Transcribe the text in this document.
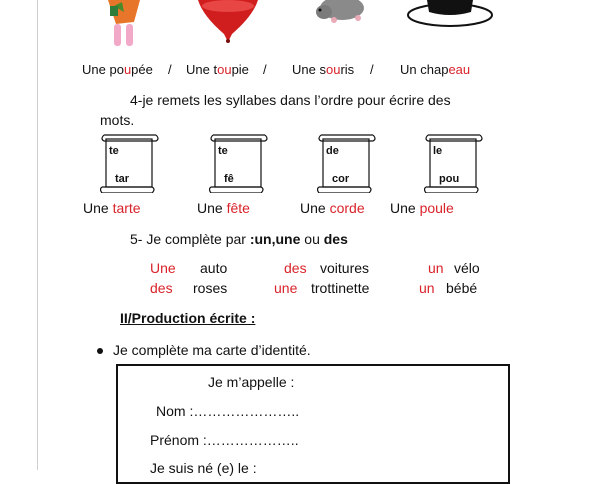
Une poupée / Une toupie / Une souris / Un chapeau
4-je remets les syllabes dans l’ordre pour écrire des
mots.
te
tar
te
fê
de
cor
le
pou
Une tarte	Une fête	Une corde Une poule
5- Je complète par :un,une ou des
Une auto	des voitures	un vélo
des roses	une trottinette	un bébé
II/Production écrite :
Je complète ma carte d’identité.
Je m’appelle :
Nom :…………………..
Prénom :………………..
Je suis né (e) le :
